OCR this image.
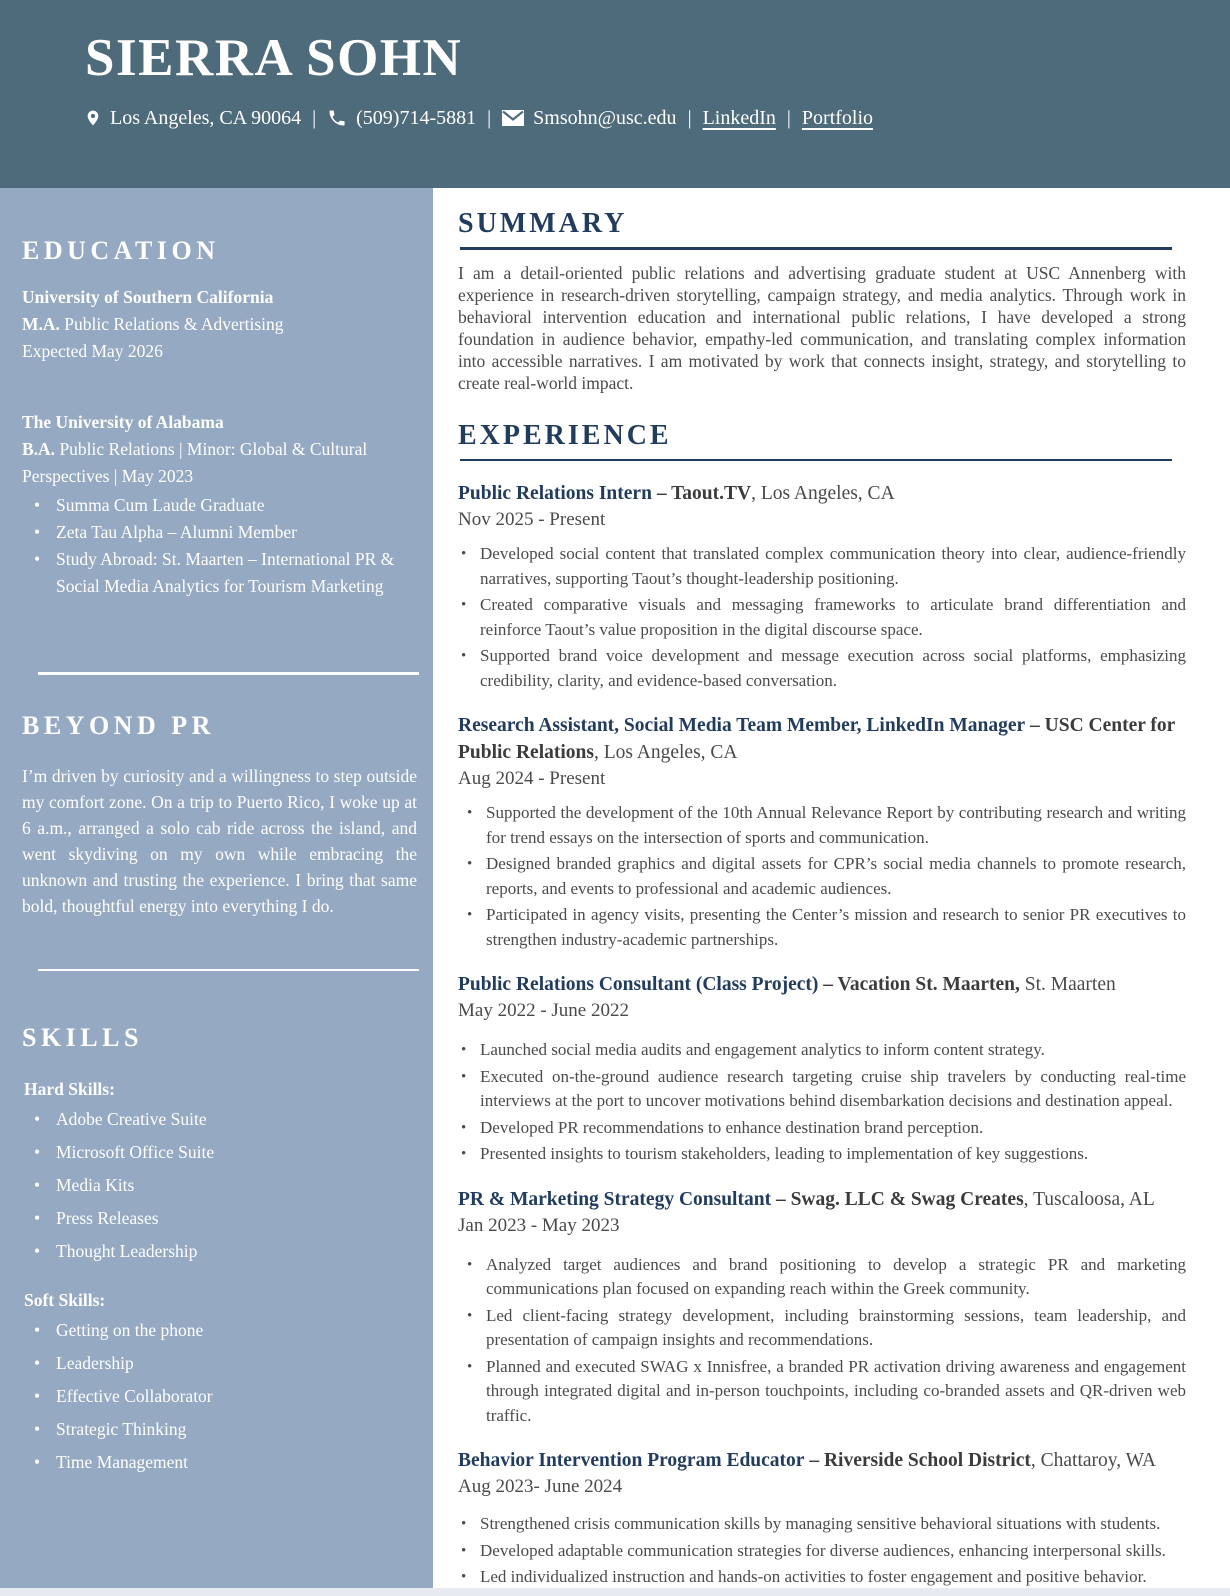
SIERRA SOHN
Los Angeles, CA 90064 | (509)714-5881 | Smsohn@usc.edu | LinkedIn | Portfolio
EDUCATION

University of Southern California

M.A. Public Relations & Advertising

Expected May 2026

The University of Alabama

B.A. Public Relations | Minor: Global & Cultural Perspectives | May 2023

• Summa Cum Laude Graduate
• Zeta Tau Alpha – Alumni Member
• Study Abroad: St. Maarten – International PR & Social Media Analytics for Tourism Marketing
BEYOND PR

I’m driven by curiosity and a willingness to step outside my comfort zone. On a trip to Puerto Rico, I woke up at 6 a.m., arranged a solo cab ride across the island, and went skydiving on my own while embracing the unknown and trusting the experience. I bring that same bold, thoughtful energy into everything I do.

SKILLS

Hard Skills:

• Adobe Creative Suite
• Microsoft Office Suite
• Media Kits
• Press Releases
• Thought Leadership

Soft Skills:

• Getting on the phone
• Leadership
• Effective Collaborator
• Strategic Thinking
• Time Management
SUMMARY

I am a detail-oriented public relations and advertising graduate student at USC Annenberg with experience in research-driven storytelling, campaign strategy, and media analytics. Through work in behavioral intervention education and international public relations, I have developed a strong foundation in audience behavior, empathy-led communication, and translating complex information into accessible narratives. I am motivated by work that connects insight, strategy, and storytelling to create real-world impact.

EXPERIENCE

Public Relations Intern – Taout.TV, Los Angeles, CA

Nov 2025 - Present

• Developed social content that translated complex communication theory into clear, audience-friendly narratives, supporting Taout’s thought-leadership positioning.
• Created comparative visuals and messaging frameworks to articulate brand differentiation and reinforce Taout’s value proposition in the digital discourse space.
• Supported brand voice development and message execution across social platforms, emphasizing credibility, clarity, and evidence-based conversation.

Research Assistant, Social Media Team Member, LinkedIn Manager – USC Center for Public Relations, Los Angeles, CA

Aug 2024 - Present

• Supported the development of the 10th Annual Relevance Report by contributing research and writing for trend essays on the intersection of sports and communication.
• Designed branded graphics and digital assets for CPR’s social media channels to promote research, reports, and events to professional and academic audiences.
• Participated in agency visits, presenting the Center’s mission and research to senior PR executives to strengthen industry-academic partnerships.

Public Relations Consultant (Class Project) – Vacation St. Maarten, St. Maarten

May 2022 - June 2022

• Launched social media audits and engagement analytics to inform content strategy.
• Executed on-the-ground audience research targeting cruise ship travelers by conducting real-time interviews at the port to uncover motivations behind disembarkation decisions and destination appeal.
• Developed PR recommendations to enhance destination brand perception.
• Presented insights to tourism stakeholders, leading to implementation of key suggestions.

PR & Marketing Strategy Consultant – Swag. LLC & Swag Creates, Tuscaloosa, AL

Jan 2023 - May 2023

• Analyzed target audiences and brand positioning to develop a strategic PR and marketing communications plan focused on expanding reach within the Greek community.
• Led client-facing strategy development, including brainstorming sessions, team leadership, and presentation of campaign insights and recommendations.
• Planned and executed SWAG x Innisfree, a branded PR activation driving awareness and engagement through integrated digital and in-person touchpoints, including co-branded assets and QR-driven web traffic.

Behavior Intervention Program Educator – Riverside School District, Chattaroy, WA

Aug 2023- June 2024

• Strengthened crisis communication skills by managing sensitive behavioral situations with students.
• Developed adaptable communication strategies for diverse audiences, enhancing interpersonal skills.
• Led individualized instruction and hands-on activities to foster engagement and positive behavior.
